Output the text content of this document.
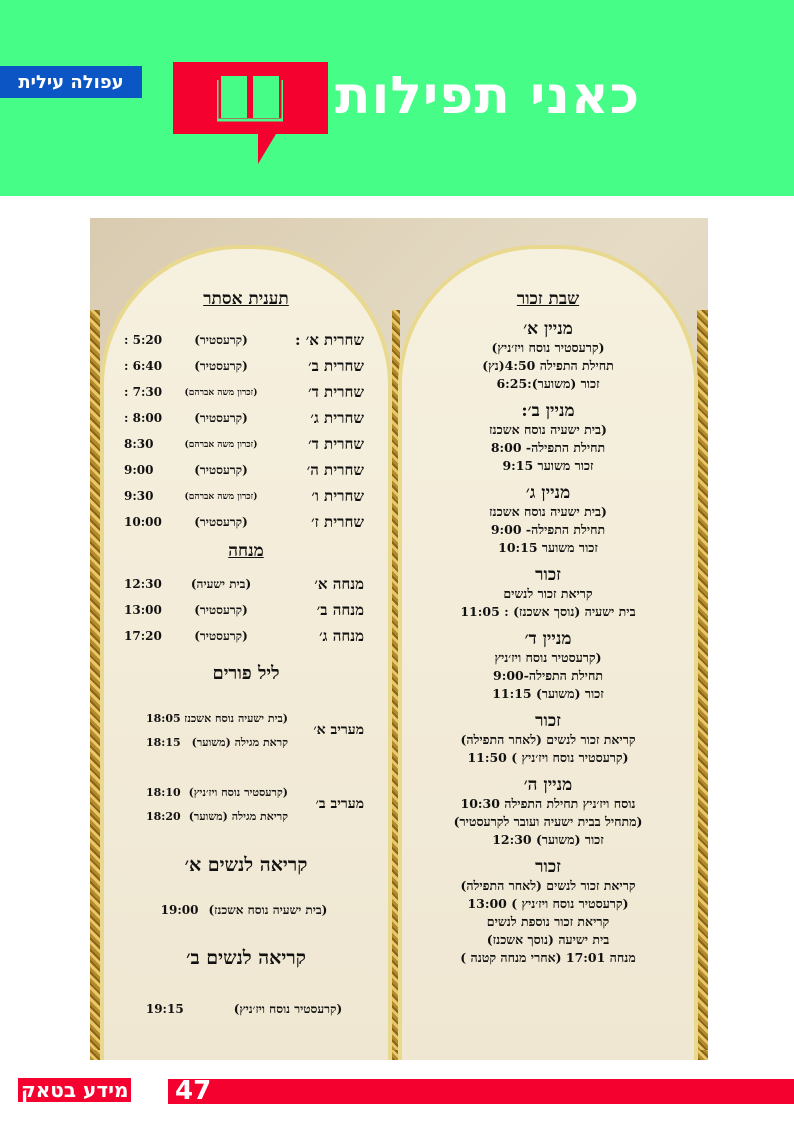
עפולה עילית	כאני תפילות
שבת זכור
מניין א׳
(קרעסטיר נוסח ויז׳ניץ)
תחילת התפילה 4:50(נץ)
זכור (משוער):6:25
מניין ב׳:
(בית ישעיה נוסח אשכנז
תחילת התפילה- 8:00
זכור משוער 9:15
מניין ג׳
(בית ישעיה נוסח אשכנז
תחילת התפילה- 9:00
זכור משוער 10:15
זכור
קריאת זכור לנשים
בית ישעיה (נוסך אשכנז) : 11:05
מניין ד׳
(קרעסטיר נוסח ויז׳ניץ
תחילת התפילה-9:00
זכור (משוער) 11:15
זכור
קריאת זכור לנשים (לאחר התפילה)
(קרעסטיר נוסח ויז׳ניץ ) 11:50
מניין ה׳
נוסח ויז׳ניץ תחילת התפילה 10:30
(מתחיל בבית ישעיה ועובר לקרעסטיר)
זכור (משוער) 12:30
זכור
קריאת זכור לנשים (לאחר התפילה)
(קרעסטיר נוסח ויז׳ניץ ) 13:00
קריאת זכור נוספת לנשים
בית ישיעה (נוסך אשכנז)
מנחה 17:01 (אחרי מנחה קטנה )
תענית אסתר
שחרית א׳ :
(קרעסטיר)
5:20 :
שחרית ב׳
(קרעסטיר)
6:40 :
שחרית ד׳
(זכרון משה אברהם)
7:30 :
שחרית ג׳
(קרעסטיר)
8:00 :
שחרית ד׳
(זכרון משה אברהם)
8:30
שחרית ה׳
(קרעסטיר)
9:00
שחרית ו׳
(זכרון משה אברהם)
9:30
שחרית ז׳
(קרעסטיר)
10:00
מנחה
מנחה א׳
(בית ישעיה)
12:30
מנחה ב׳
(קרעסטיר)
13:00
מנחה ג׳
(קרעסטיר)
17:20
ליל פורים
מעריב א׳
(בית ישעיה נוסח אשכנז
18:05
קראת מגילה (משוער)
18:15
מעריב ב׳
(קרעסטיר נוסח ויז׳ניץ)
18:10
קריאת מגילה (משוער)
18:20
קריאה לנשים א׳
(בית ישעיה נוסח אשכנז)
19:00
קריאה לנשים ב׳
(קרעסטיר נוסח ויז׳ניץ)
19:15
47
מידע בטאק
